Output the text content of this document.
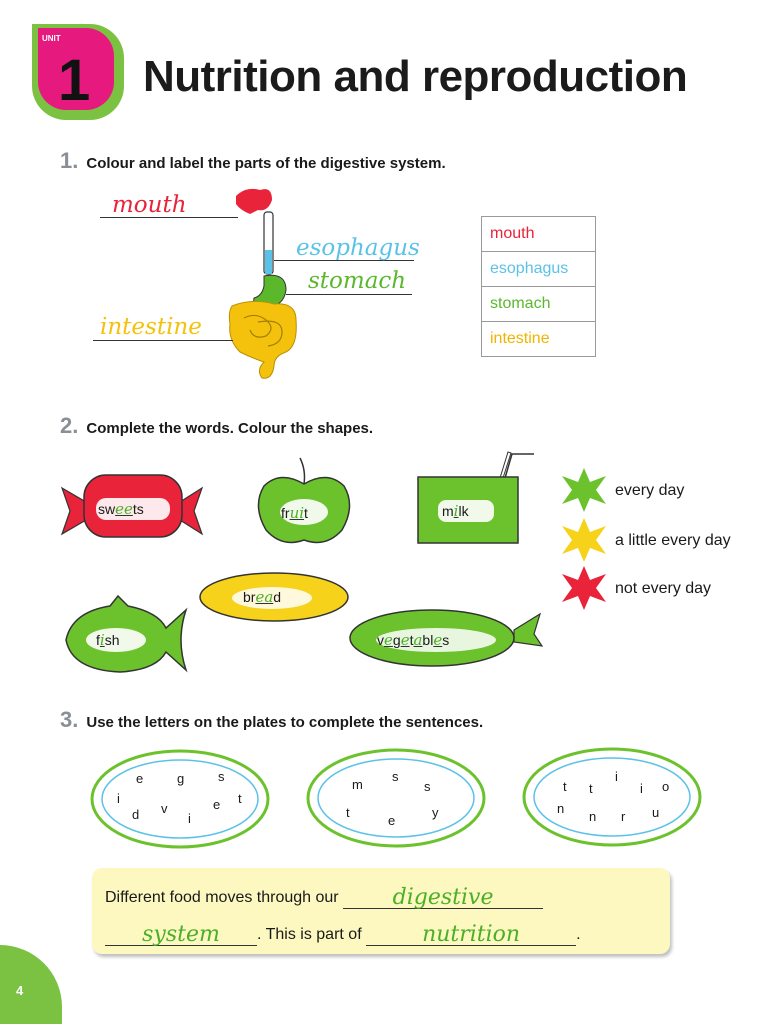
UNIT
1 Nutrition and reproduction
1. Colour and label the parts of the digestive system.
mouth
esophagus
stomach
intestine
mouth
esophagus
stomach
intestine
2. Complete the words. Colour the shapes.
sweets	fruit	milk
bread
fish	vegetables
every day
a little every day
not every day
3. Use the letters on the plates to complete the sentences.
e	g	s
i
v	e t
d	i
m
s
s
t
e
y
t t
i
i o
n
n r u
Different food moves through our digestive
system . This is part of	nutrition	.
4
